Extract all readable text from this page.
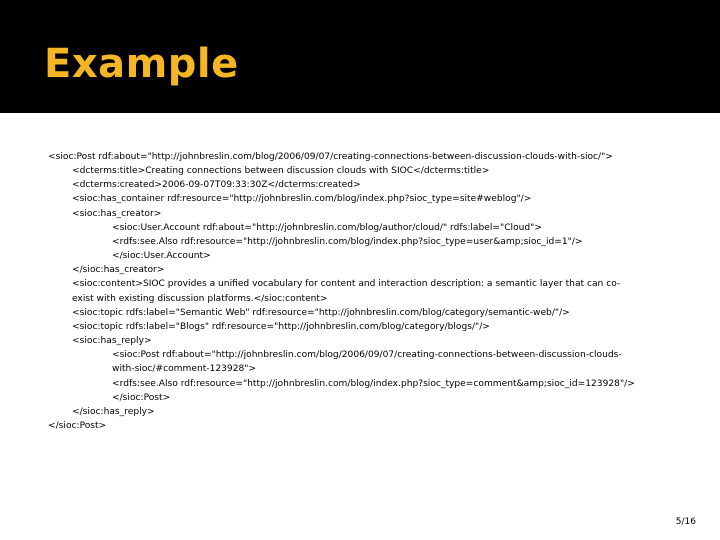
Example
<sioc:Post rdf:about="http://johnbreslin.com/blog/2006/09/07/creating-connections-between-discussion-clouds-with-sioc/">
<dcterms:title>Creating connections between discussion clouds with SIOC</dcterms:title>
<dcterms:created>2006-09-07T09:33:30Z</dcterms:created>
<sioc:has_container rdf:resource="http://johnbreslin.com/blog/index.php?sioc_type=site#weblog"/>
<sioc:has_creator>
<sioc:User.Account rdf:about="http://johnbreslin.com/blog/author/cloud/" rdfs:label="Cloud">
<rdfs:see.Also rdf:resource="http://johnbreslin.com/blog/index.php?sioc_type=user&amp;sioc_id=1"/>
</sioc:User.Account>
</sioc:has_creator>
<sioc:content>SIOC provides a unified vocabulary for content and interaction description: a semantic layer that can co-
exist with existing discussion platforms.</sioc:content>
<sioc:topic rdfs:label="Semantic Web" rdf:resource="http://johnbreslin.com/blog/category/semantic-web/"/>
<sioc:topic rdfs:label="Blogs" rdf:resource="http://johnbreslin.com/blog/category/blogs/"/>
<sioc:has_reply>
<sioc:Post rdf:about="http://johnbreslin.com/blog/2006/09/07/creating-connections-between-discussion-clouds-
with-sioc/#comment-123928">
<rdfs:see.Also rdf:resource="http://johnbreslin.com/blog/index.php?sioc_type=comment&amp;sioc_id=123928"/>
</sioc:Post>
</sioc:has_reply>
</sioc:Post>
5/16
